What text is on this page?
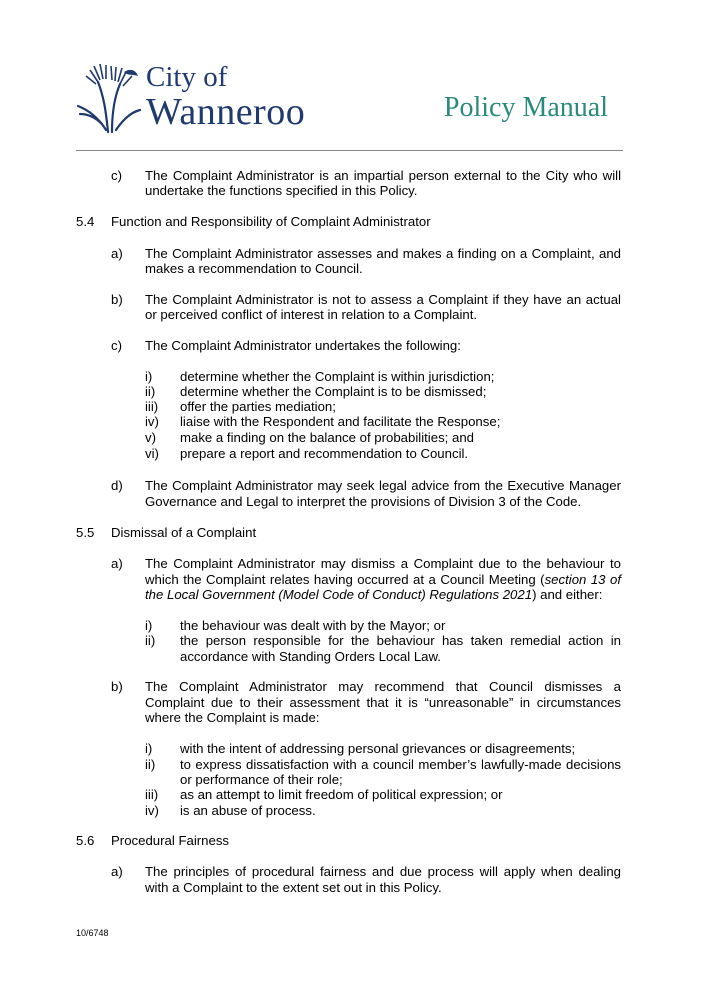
City of
Wanneroo	Policy Manual
c) The Complaint Administrator is an impartial person external to the City who will
undertake the functions specified in this Policy.
5.4 Function and Responsibility of Complaint Administrator
a) The Complaint Administrator assesses and makes a finding on a Complaint, and
makes a recommendation to Council.
b) The Complaint Administrator is not to assess a Complaint if they have an actual
or perceived conflict of interest in relation to a Complaint.
c) The Complaint Administrator undertakes the following:
i) determine whether the Complaint is within jurisdiction;
ii) determine whether the Complaint is to be dismissed;
iii) offer the parties mediation;
iv) liaise with the Respondent and facilitate the Response;
v) make a finding on the balance of probabilities; and
vi) prepare a report and recommendation to Council.
d) The Complaint Administrator may seek legal advice from the Executive Manager
Governance and Legal to interpret the provisions of Division 3 of the Code.
5.5 Dismissal of a Complaint
a) The Complaint Administrator may dismiss a Complaint due to the behaviour to
which the Complaint relates having occurred at a Council Meeting (section 13 of
the Local Government (Model Code of Conduct) Regulations 2021) and either:
i) the behaviour was dealt with by the Mayor; or
ii) the person responsible for the behaviour has taken remedial action in
accordance with Standing Orders Local Law.
b) The Complaint Administrator may recommend that Council dismisses a
Complaint due to their assessment that it is “unreasonable” in circumstances
where the Complaint is made:
i) with the intent of addressing personal grievances or disagreements;
ii) to express dissatisfaction with a council member’s lawfully-made decisions
or performance of their role;
iii) as an attempt to limit freedom of political expression; or
iv) is an abuse of process.
5.6 Procedural Fairness
a) The principles of procedural fairness and due process will apply when dealing
with a Complaint to the extent set out in this Policy.
10/6748
